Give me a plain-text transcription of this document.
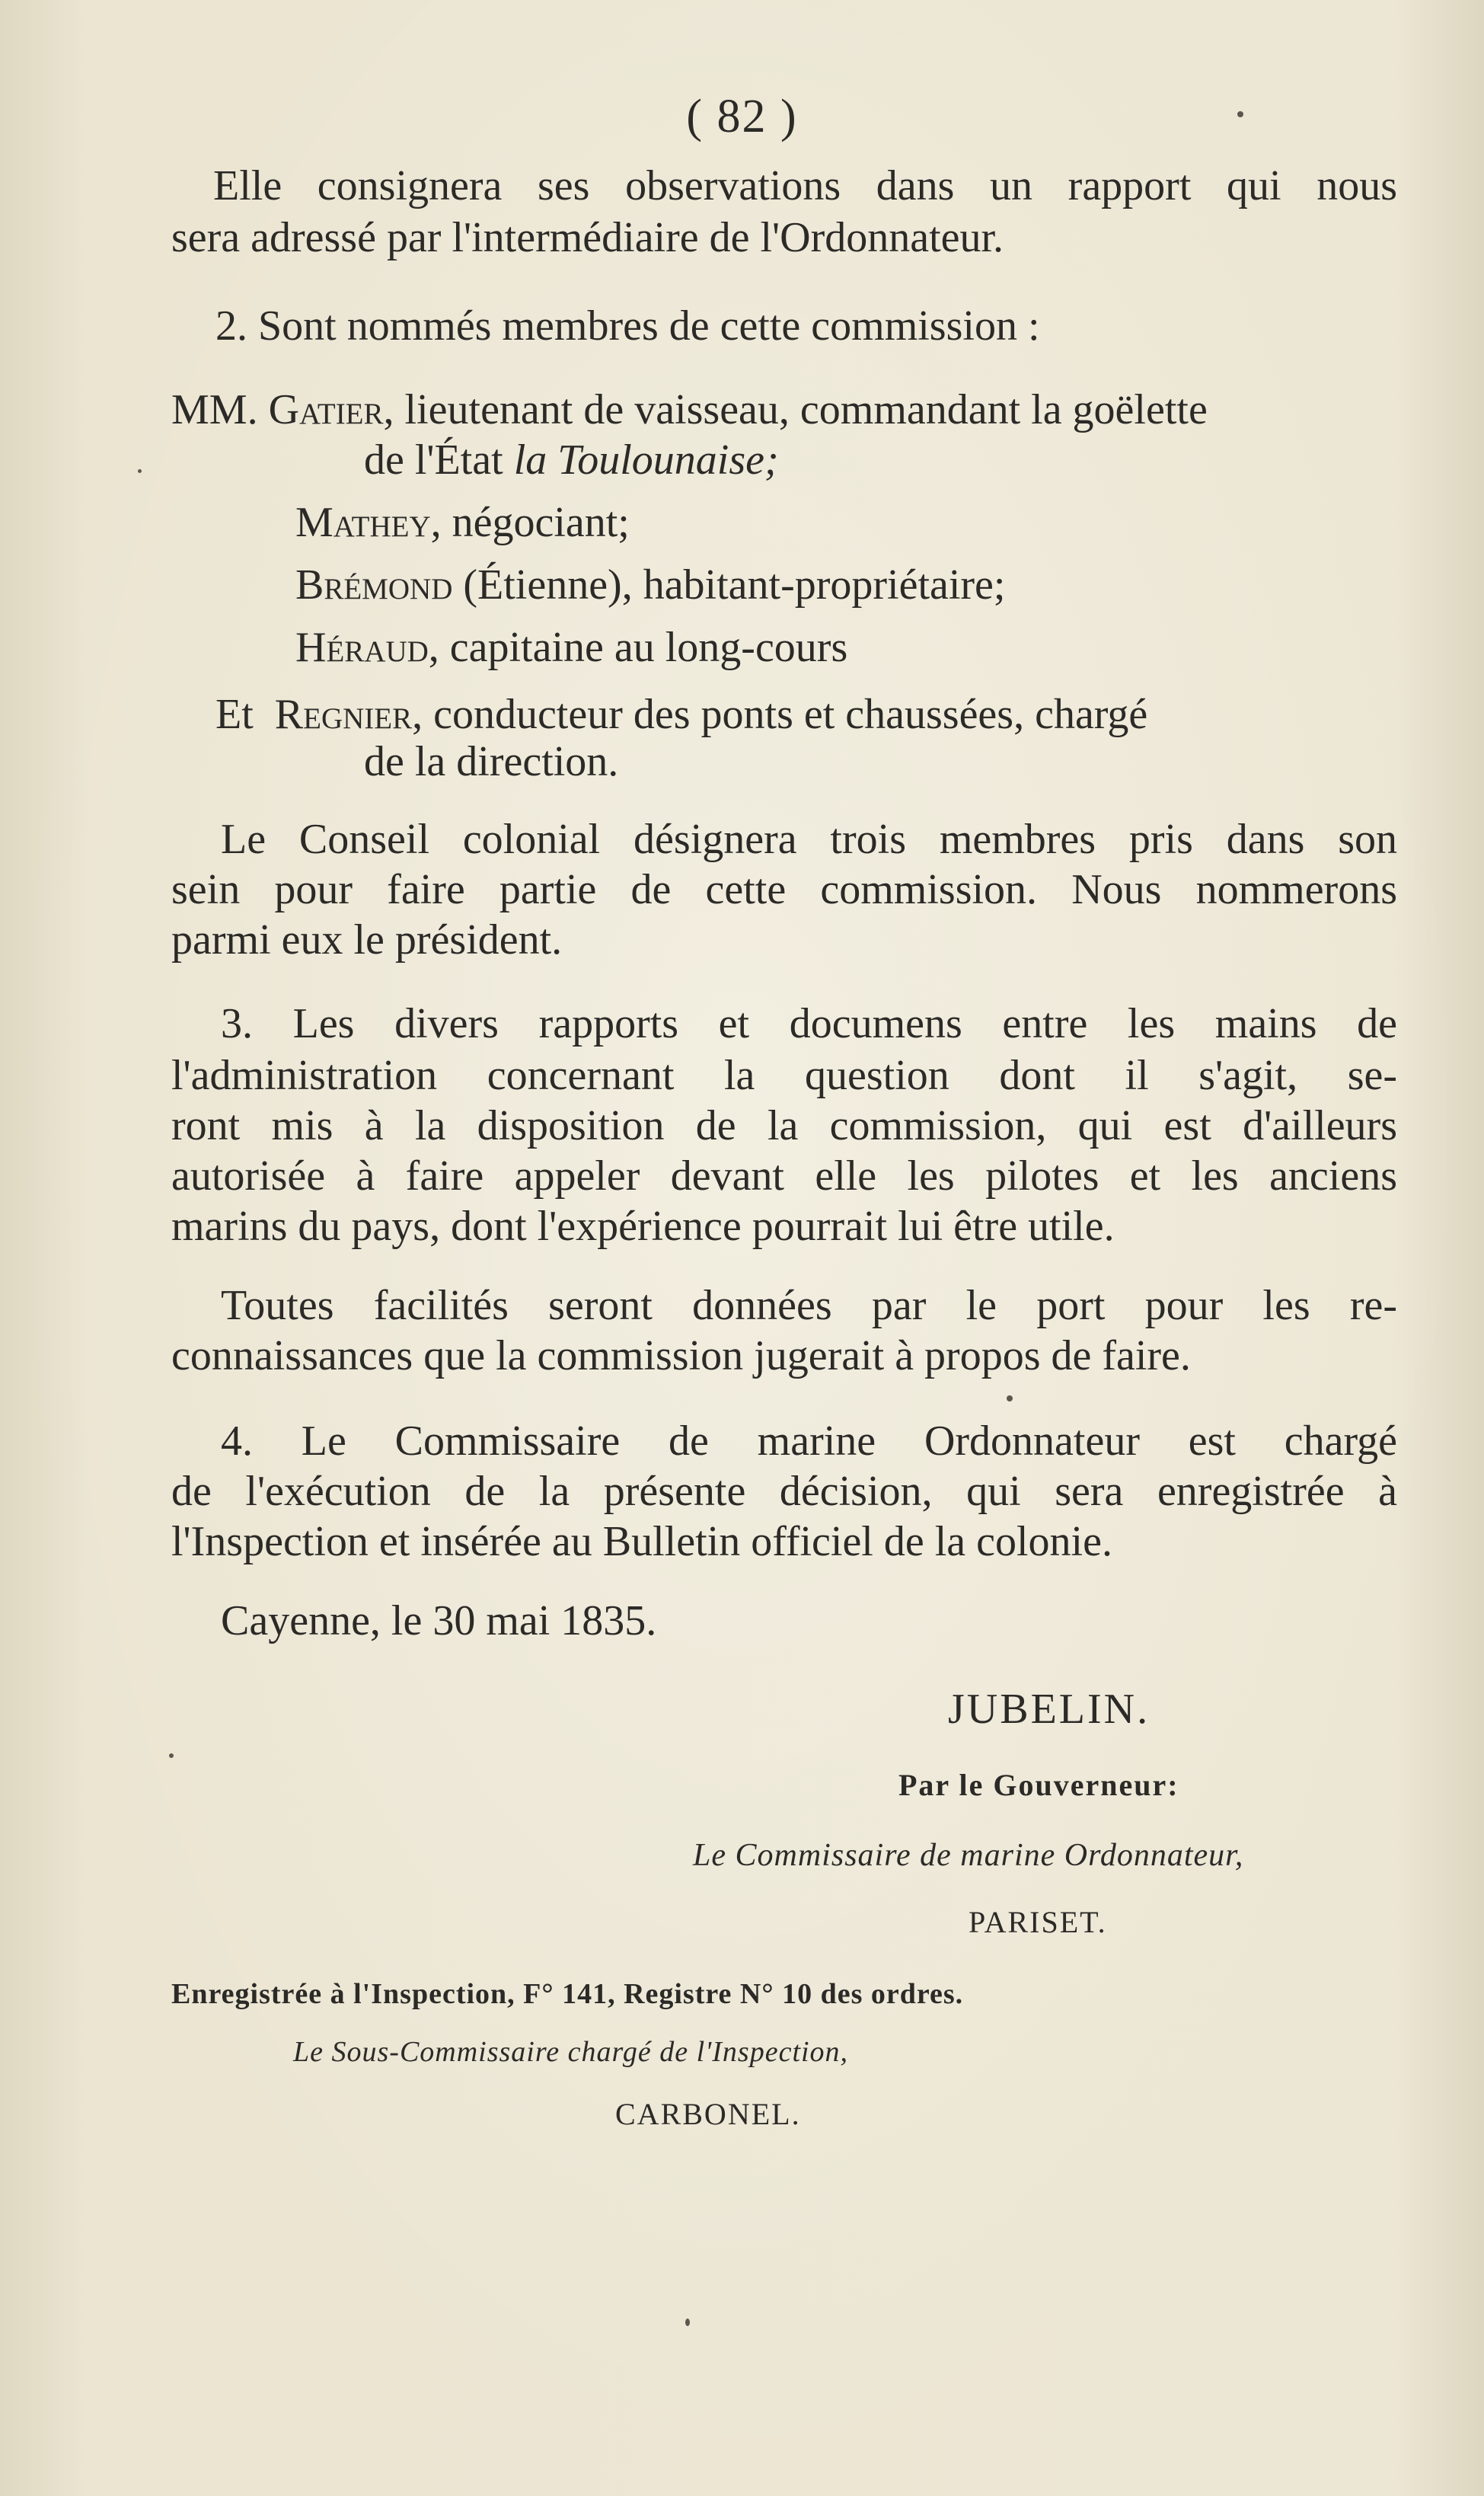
( 82 )
Elle consignera ses observations dans un rapport qui nous
sera adressé par l'intermédiaire de l'Ordonnateur.
2. Sont nommés membres de cette commission :
MM. Gatier, lieutenant de vaisseau, commandant la goëlette
de l'État la Toulounaise;
Mathey, négociant;
Brémond (Étienne), habitant-propriétaire;
Héraud, capitaine au long-cours
Et Regnier, conducteur des ponts et chaussées, chargé
de la direction.
Le Conseil colonial désignera trois membres pris dans son
sein pour faire partie de cette commission. Nous nommerons
parmi eux le président.
3. Les divers rapports et documens entre les mains de
l'administration concernant la question dont il s'agit, se-
ront mis à la disposition de la commission, qui est d'ailleurs
autorisée à faire appeler devant elle les pilotes et les anciens
marins du pays, dont l'expérience pourrait lui être utile.
Toutes facilités seront données par le port pour les re-
connaissances que la commission jugerait à propos de faire.
4. Le Commissaire de marine Ordonnateur est chargé
de l'exécution de la présente décision, qui sera enregistrée à
l'Inspection et insérée au Bulletin officiel de la colonie.
Cayenne, le 30 mai 1835.
JUBELIN.
Par le Gouverneur:
Le Commissaire de marine Ordonnateur,
PARISET.
Enregistrée à l'Inspection, F° 141, Registre N° 10 des ordres.
Le Sous-Commissaire chargé de l'Inspection,
CARBONEL.
